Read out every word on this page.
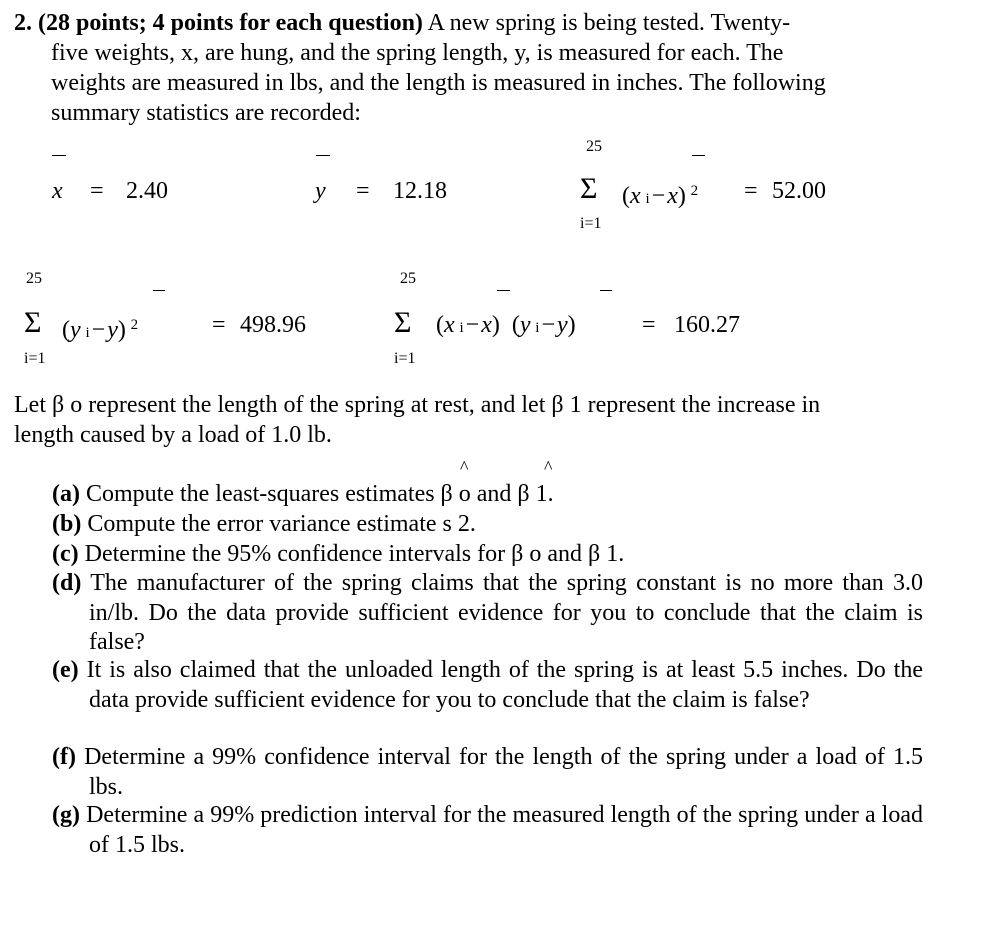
2. (28 points; 4 points for each question) A new spring is being tested. Twenty-
five weights, x, are hung, and the spring length, y, is measured for each. The
weights are measured in lbs, and the length is measured in inches. The following
summary statistics are recorded:
x = 2.40	y = 12.18
25
Σ
i=1
(x  i − x) $^2$ = 52.00
25
Σ
i=1
(y  i − y) $^2$	= 498.96
25
Σ
i=1
(x  i − x)  (y  i − y)	= 160.27
Let β o represent the length of the spring at rest, and let β 1 represent the increase in
length caused by a load of 1.0 lb.
^	^
(a) Compute the least-squares estimates β o and β 1.
(b) Compute the error variance estimate s 2.
(c) Determine the 95% confidence intervals for β o and β 1.
(d) The manufacturer of the spring claims that the spring constant is no more than 3.0 in/lb. Do the data provide sufficient evidence for you to conclude that the claim is false?
(e) It is also claimed that the unloaded length of the spring is at least 5.5 inches. Do the data provide sufficient evidence for you to conclude that the claim is false?
(f) Determine a 99% confidence interval for the length of the spring under a load of 1.5 lbs.
(g) Determine a 99% prediction interval for the measured length of the spring under a load of 1.5 lbs.
